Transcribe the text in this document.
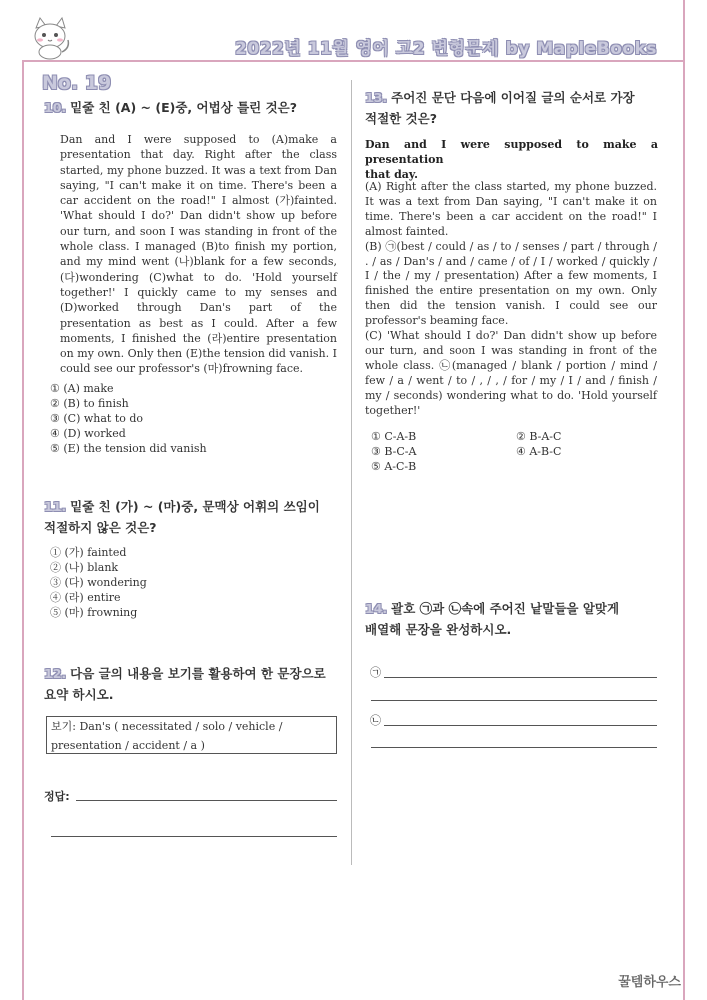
2022년 11월 영어 고2 변형문제 by MapleBooks
No. 19
10. 밑줄 친 (A) ~ (E)중, 어법상 틀린 것은?
Dan and I were supposed to (A)make a presentation that day. Right after the class started, my phone buzzed. It was a text from Dan saying, "I can't make it on time. There's been a car accident on the road!" I almost (가)fainted. 'What should I do?' Dan didn't show up before our turn, and soon I was standing in front of the whole class. I managed (B)to finish my portion, and my mind went (나)blank for a few seconds, (다)wondering (C)what to do. 'Hold yourself together!' I quickly came to my senses and (D)worked through Dan's part of the presentation as best as I could. After a few moments, I finished the (라)entire presentation on my own. Only then (E)the tension did vanish. I could see our professor's (마)frowning face.
① (A) make
② (B) to finish
③ (C) what to do
④ (D) worked
⑤ (E) the tension did vanish
11. 밑줄 친 (가) ~ (마)중, 문맥상 어휘의 쓰임이
적절하지 않은 것은?
① (가) fainted
② (나) blank
③ (다) wondering
④ (라) entire
⑤ (마) frowning
12. 다음 글의 내용을 보기를 활용하여 한 문장으로
요약 하시오.
보기: Dan's ( necessitated / solo / vehicle /
presentation / accident / a )
정답:
13. 주어진 문단 다음에 이어질 글의 순서로 가장
적절한 것은?
Dan and I were supposed to make a presentation
that day.
(A) Right after the class started, my phone buzzed. It was a text from Dan saying, "I can't make it on time. There's been a car accident on the road!" I almost fainted.
(B) ㉠(best / could / as / to / senses / part / through / . / as / Dan's / and / came / of / I / worked / quickly / I / the / my / presentation) After a few moments, I finished the entire presentation on my own. Only then did the tension vanish. I could see our professor's beaming face.
(C) 'What should I do?' Dan didn't show up before our turn, and soon I was standing in front of the whole class. ㉡(managed / blank / portion / mind / few / a / went / to / , / , / for / my / I / and / finish / my / seconds) wondering what to do. 'Hold yourself together!'
① C-A-B	② B-A-C
③ B-C-A	④ A-B-C
⑤ A-C-B
14. 괄호 ㉠과 ㉡속에 주어진 낱말들을 알맞게
배열해 문장을 완성하시오.
㉠
㉡
꿀템하우스
